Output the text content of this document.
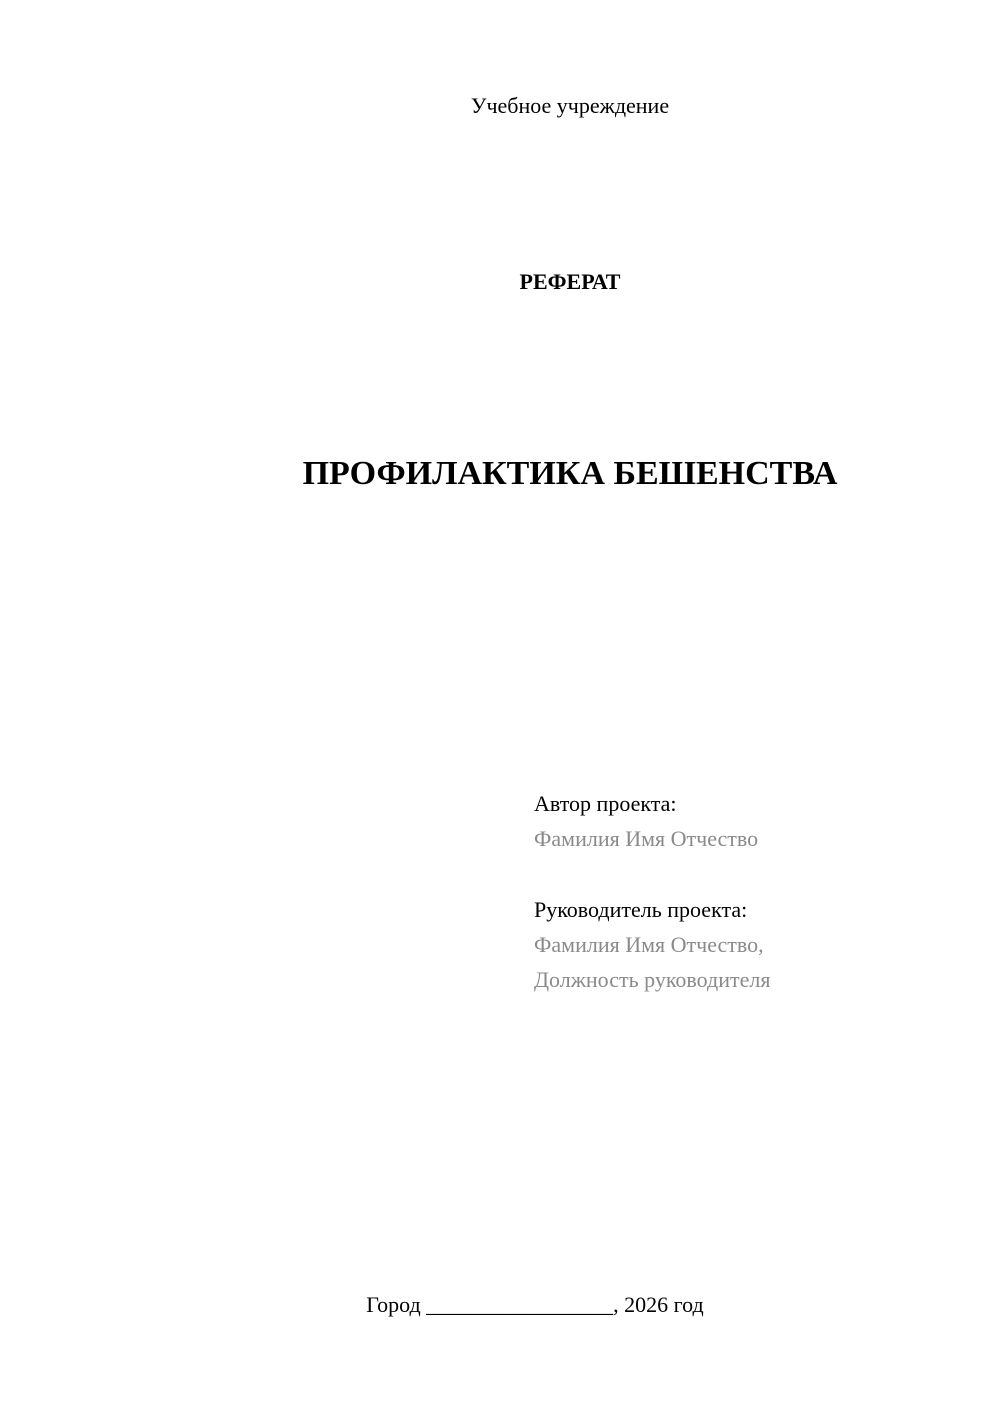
Учебное учреждение
РЕФЕРАТ
ПРОФИЛАКТИКА БЕШЕНСТВА
Автор проекта:
Фамилия Имя Отчество
Руководитель проекта:
Фамилия Имя Отчество,
Должность руководителя
Город _________________, 2026 год
